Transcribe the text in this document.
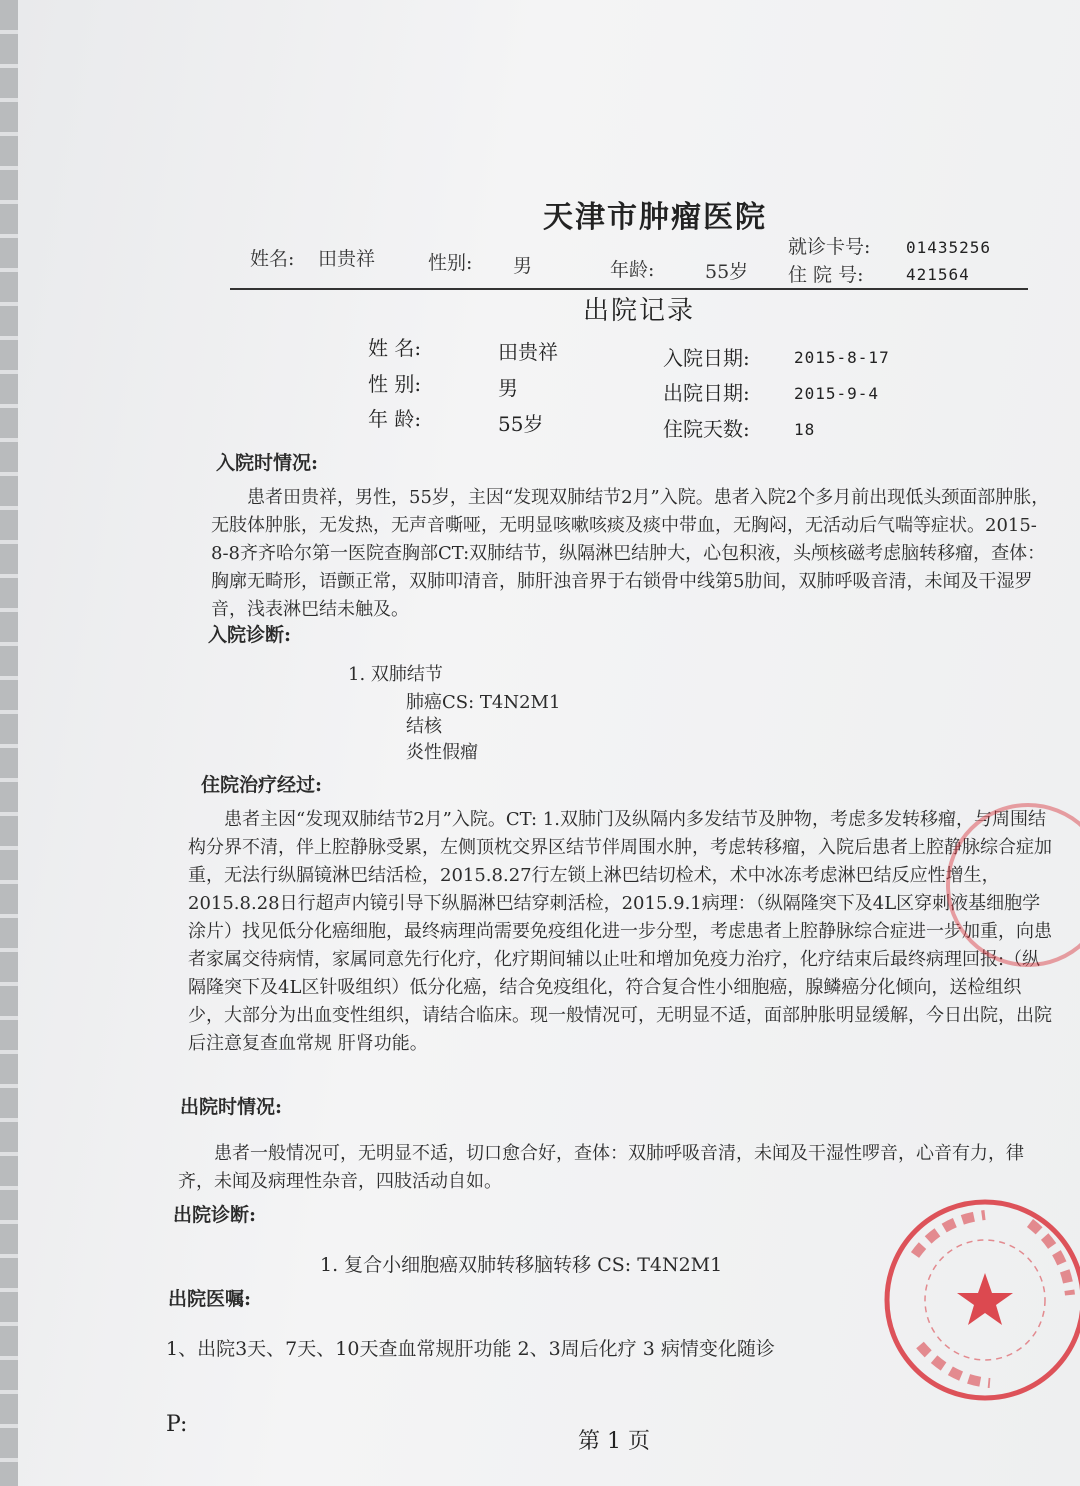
天津市肿瘤医院
姓名: 田贵祥	性别: 男	年龄:	55岁
就诊卡号: 01435256
住 院 号:	421564
出院记录
姓 名:	田贵祥
性 别:	男
年 龄:	55岁
入院日期:	2015-8-17
出院日期:	2015-9-4
住院天数:	18
入院时情况:
患者田贵祥，男性，55岁，主因“发现双肺结节2月”入院。患者入院2个多月前出现低头颈面部肿胀，无肢体肿胀，无发热，无声音嘶哑，无明显咳嗽咳痰及痰中带血，无胸闷，无活动后气喘等症状。2015-8-8齐齐哈尔第一医院查胸部CT:双肺结节，纵隔淋巴结肿大，心包积液，头颅核磁考虑脑转移瘤，查体：胸廓无畸形，语颤正常，双肺叩清音，肺肝浊音界于右锁骨中线第5肋间，双肺呼吸音清，未闻及干湿罗音，浅表淋巴结未触及。
入院诊断:
1. 双肺结节
肺癌CS: T4N2M1
结核
炎性假瘤
住院治疗经过:
患者主因“发现双肺结节2月”入院。CT: 1.双肺门及纵隔内多发结节及肿物，考虑多发转移瘤，与周围结构分界不清，伴上腔静脉受累，左侧顶枕交界区结节伴周围水肿，考虑转移瘤，入院后患者上腔静脉综合症加重，无法行纵膈镜淋巴结活检，2015.8.27行左锁上淋巴结切检术，术中冰冻考虑淋巴结反应性增生，2015.8.28日行超声内镜引导下纵膈淋巴结穿刺活检，2015.9.1病理：（纵隔隆突下及4L区穿刺液基细胞学涂片）找见低分化癌细胞，最终病理尚需要免疫组化进一步分型，考虑患者上腔静脉综合症进一步加重，向患者家属交待病情，家属同意先行化疗，化疗期间辅以止吐和增加免疫力治疗，化疗结束后最终病理回报:（纵隔隆突下及4L区针吸组织）低分化癌，结合免疫组化，符合复合性小细胞癌，腺鳞癌分化倾向，送检组织少，大部分为出血变性组织，请结合临床。现一般情况可，无明显不适，面部肿胀明显缓解，今日出院，出院后注意复查血常规 肝肾功能。
出院时情况:
患者一般情况可，无明显不适，切口愈合好，查体：双肺呼吸音清，未闻及干湿性啰音，心音有力，律齐，未闻及病理性杂音，四肢活动自如。
出院诊断:
1. 复合小细胞癌双肺转移脑转移 CS: T4N2M1
出院医嘱:
1、出院3天、7天、10天查血常规肝功能 2、3周后化疗 3 病情变化随诊
P:
第 1 页
